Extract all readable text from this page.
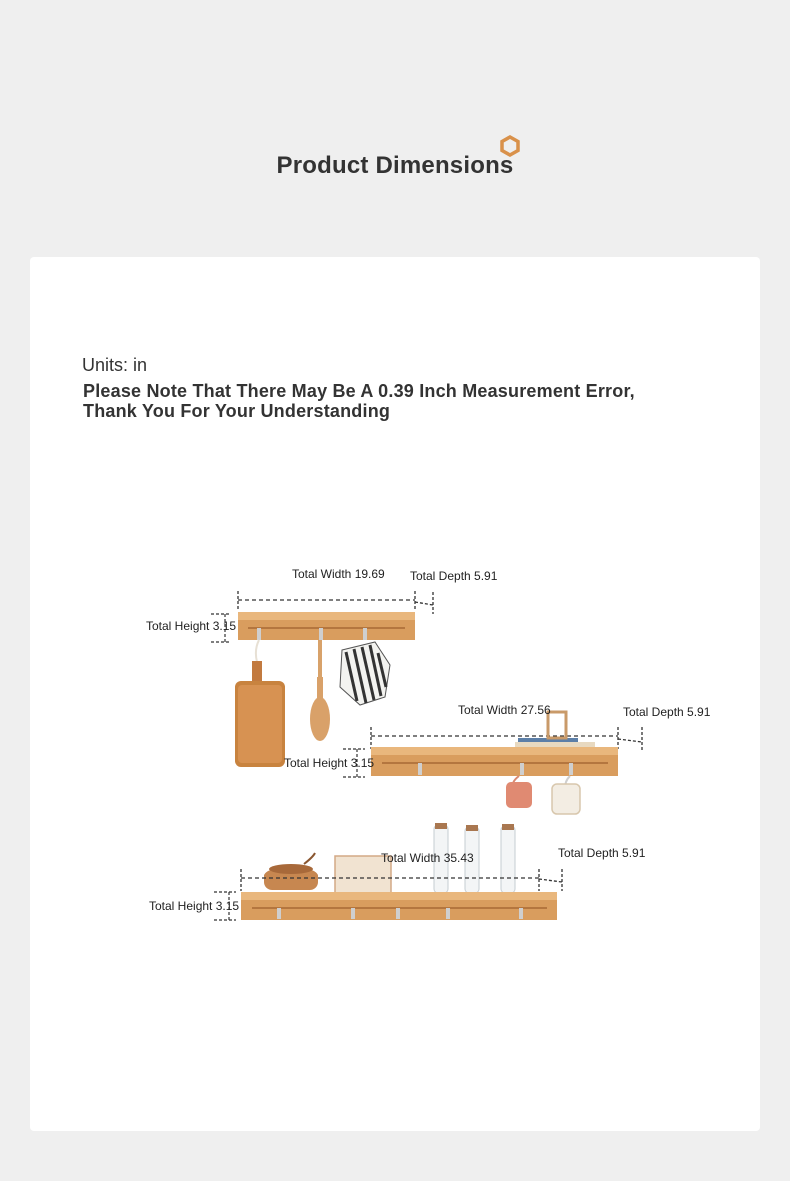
Product Dimensions
Units: in
Please Note That There May Be A 0.39 Inch Measurement Error,
Thank You For Your Understanding
Total Width 19.69 Total Depth 5.91
Total Height 3.15
Total Width 27.56	Total Depth 5.91
Total Height 3.15
Total Width 35.43	Total Depth 5.91
Total Height 3.15
